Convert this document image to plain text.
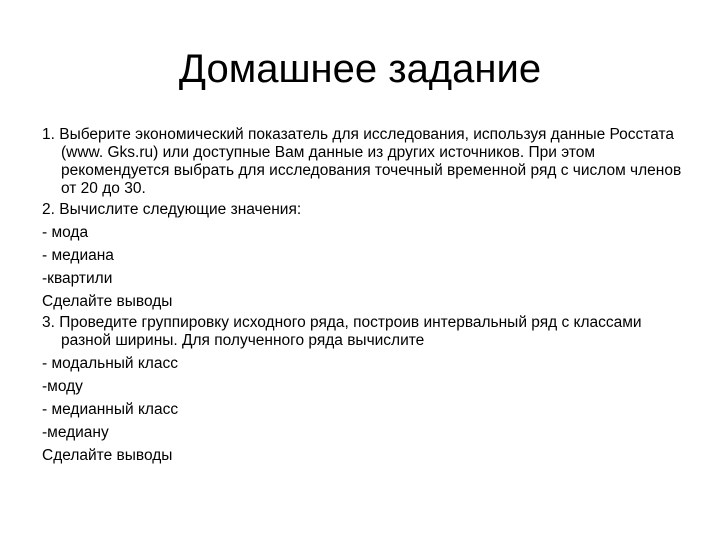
Домашнее задание

1. Выберите экономический показатель для исследования, используя данные Росстата (www. Gks.ru) или доступные Вам данные из других источников. При этом рекомендуется выбрать для исследования точечный временной ряд с числом членов от 20 до 30.

2. Вычислите следующие значения:

- мода

- медиана

-квартили

Сделайте выводы

3. Проведите группировку исходного ряда, построив интервальный ряд с классами разной ширины. Для полученного ряда вычислите

- модальный класс

-моду

- медианный класс

-медиану

Сделайте выводы
